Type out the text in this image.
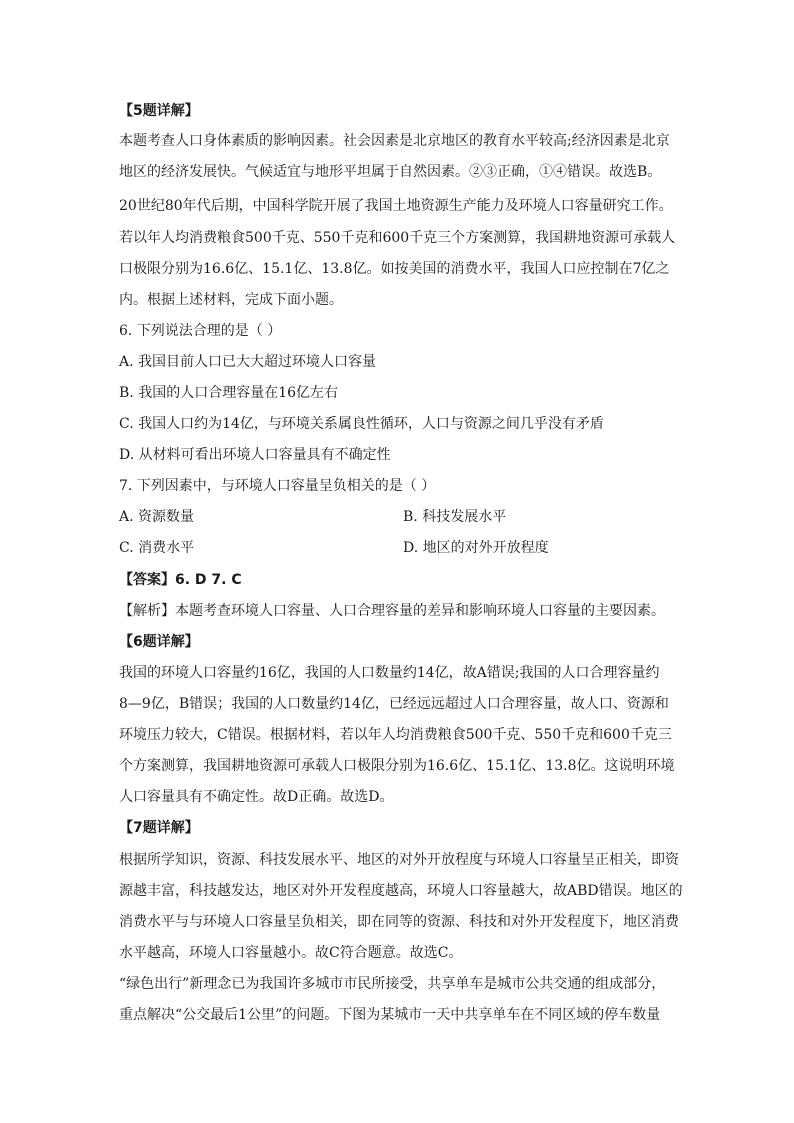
【5题详解】
本题考查人口身体素质的影响因素。社会因素是北京地区的教育水平较高;经济因素是北京
地区的经济发展快。气候适宜与地形平坦属于自然因素。②③正确，①④错误。故选B。
20世纪80年代后期，中国科学院开展了我国土地资源生产能力及环境人口容量研究工作。
若以年人均消费粮食500千克、550千克和600千克三个方案测算，我国耕地资源可承载人
口极限分别为16.6亿、15.1亿、13.8亿。如按美国的消费水平，我国人口应控制在7亿之
内。根据上述材料，完成下面小题。
6. 下列说法合理的是（ ）
A. 我国目前人口已大大超过环境人口容量
B. 我国的人口合理容量在16亿左右
C. 我国人口约为14亿，与环境关系属良性循环，人口与资源之间几乎没有矛盾
D. 从材料可看出环境人口容量具有不确定性
7. 下列因素中，与环境人口容量呈负相关的是（ ）
A. 资源数量
C. 消费水平
【答案】6. D 7. C
【解析】本题考查环境人口容量、人口合理容量的差异和影响环境人口容量的主要因素。
【6题详解】
我国的环境人口容量约16亿，我国的人口数量约14亿，故A错误;我国的人口合理容量约
8—9亿，B错误；我国的人口数量约14亿，已经远远超过人口合理容量，故人口、资源和
环境压力较大，C错误。根据材料，若以年人均消费粮食500千克、550千克和600千克三
个方案测算，我国耕地资源可承载人口极限分别为16.6亿、15.1亿、13.8亿。这说明环境
人口容量具有不确定性。故D正确。故选D。
【7题详解】
根据所学知识，资源、科技发展水平、地区的对外开放程度与环境人口容量呈正相关，即资
源越丰富，科技越发达，地区对外开发程度越高，环境人口容量越大，故ABD错误。地区的
消费水平与与环境人口容量呈负相关，即在同等的资源、科技和对外开发程度下，地区消费
水平越高，环境人口容量越小。故C符合题意。故选C。
“绿色出行”新理念已为我国许多城市市民所接受，共享单车是城市公共交通的组成部分，
重点解决“公交最后1公里”的问题。下图为某城市一天中共享单车在不同区域的停车数量
B. 科技发展水平
D. 地区的对外开放程度
